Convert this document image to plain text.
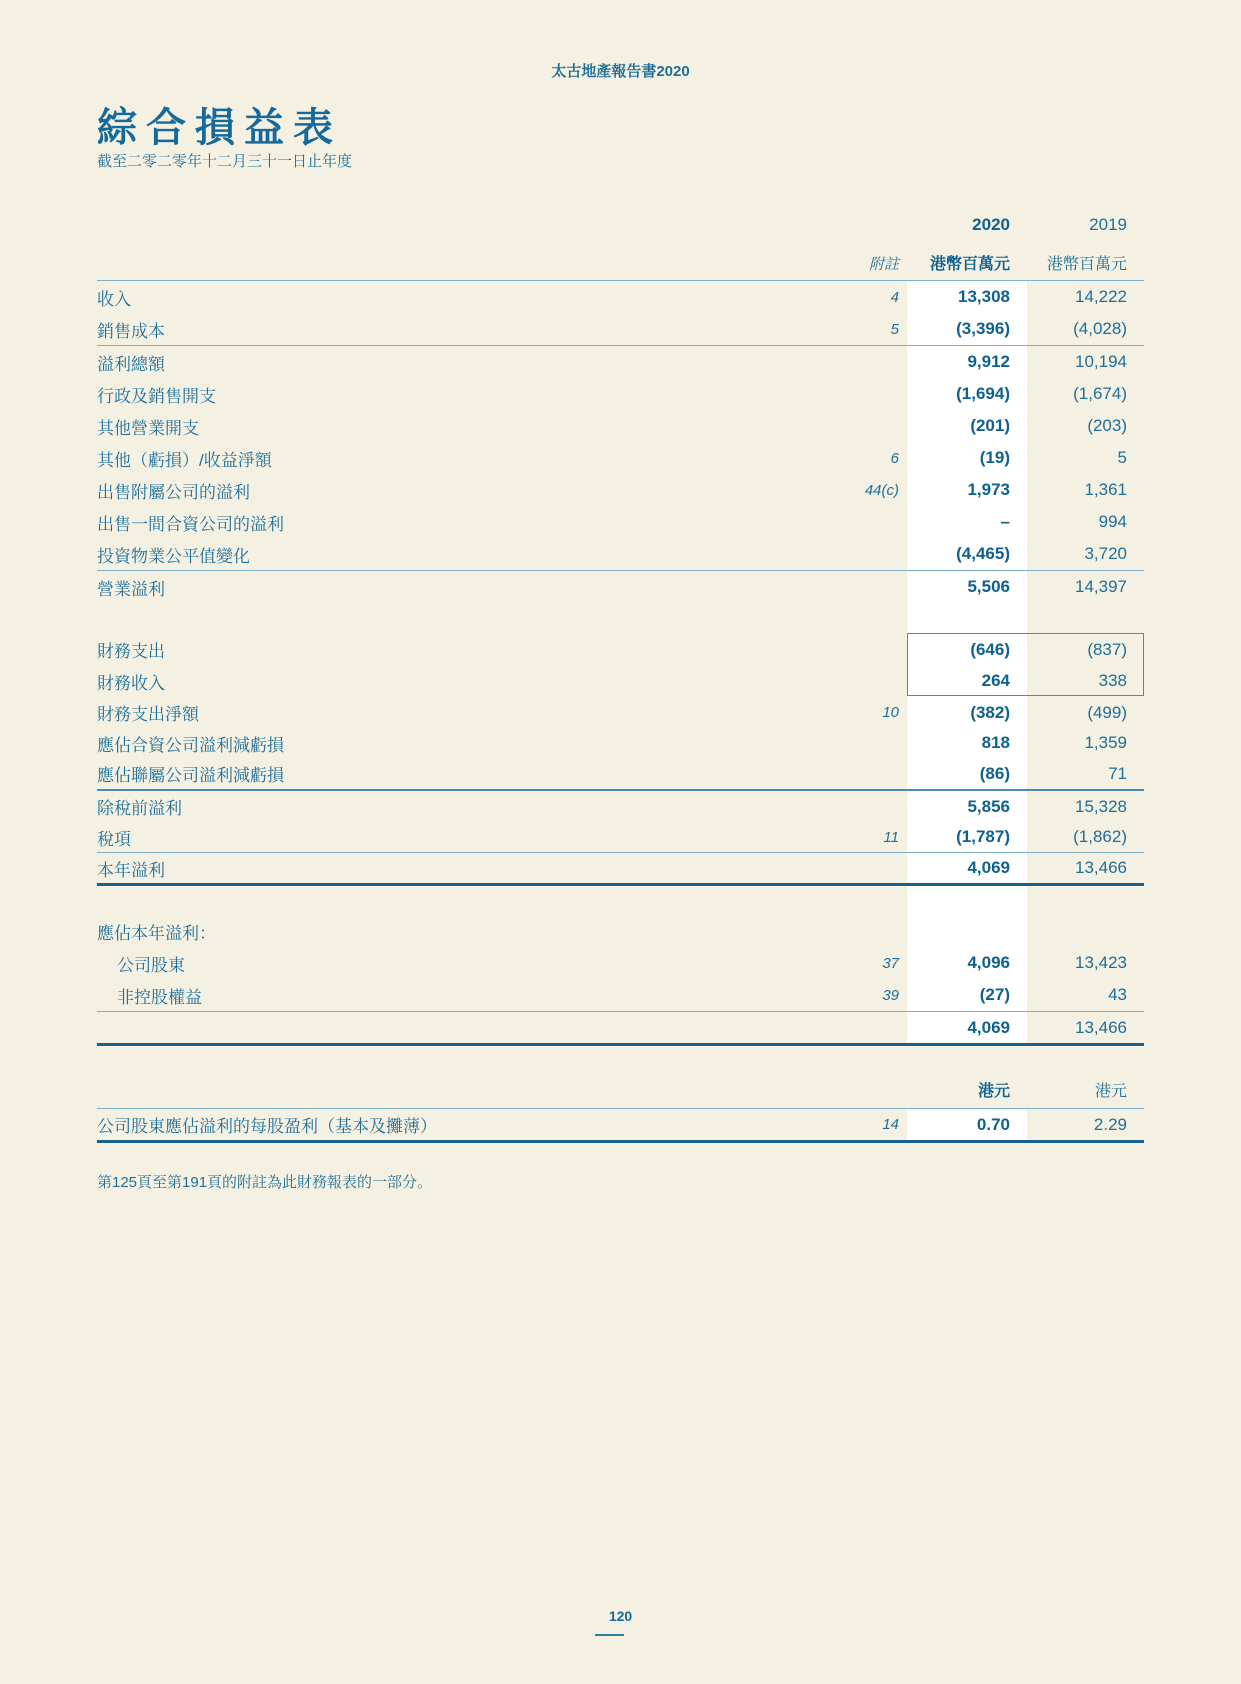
太古地產報告書2020
綜合損益表
截至二零二零年十二月三十一日止年度
2020	2019
附註	港幣百萬元	港幣百萬元
收入	4	13,308	14,222
銷售成本	5	(3,396)	(4,028)
溢利總額	9,912	10,194
行政及銷售開支	(1,694)	(1,674)
其他營業開支	(201)	(203)
其他（虧損）/收益淨額	6	(19)	5
出售附屬公司的溢利	44(c)	1,973	1,361
出售一間合資公司的溢利	–	994
投資物業公平值變化	(4,465)	3,720
營業溢利	5,506	14,397
財務支出	(646)	(837)
財務收入	264	338
財務支出淨額	10	(382)	(499)
應佔合資公司溢利減虧損	818	1,359
應佔聯屬公司溢利減虧損	(86)	71
除稅前溢利	5,856	15,328
稅項	11	(1,787)	(1,862)
本年溢利	4,069	13,466
應佔本年溢利：
公司股東	37	4,096	13,423
非控股權益	39	(27)	43
4,069	13,466
港元	港元
公司股東應佔溢利的每股盈利（基本及攤薄）	14	0.70	2.29
第125頁至第191頁的附註為此財務報表的一部分。
120
